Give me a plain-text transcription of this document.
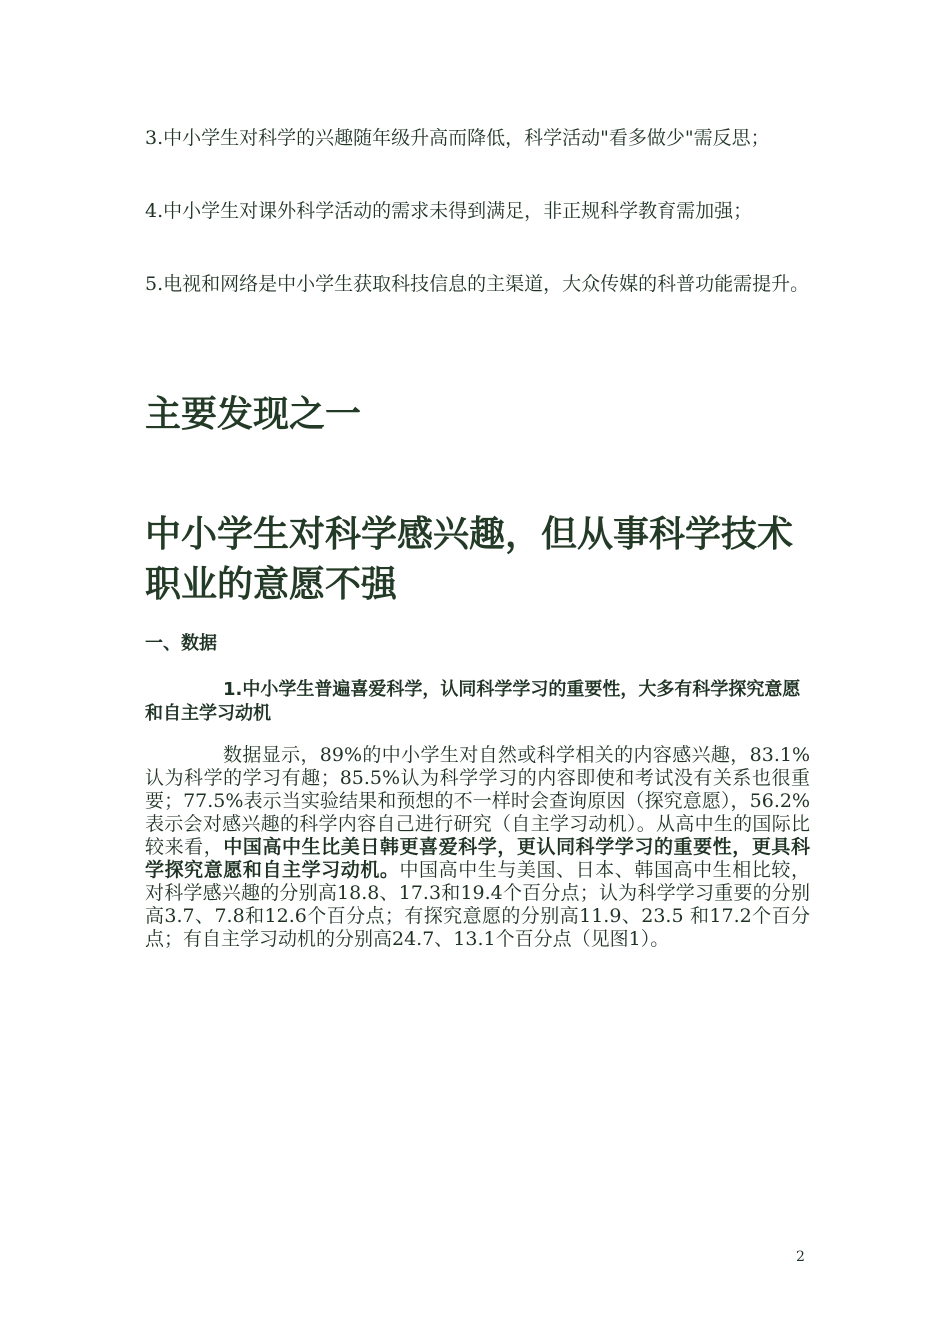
3.中小学生对科学的兴趣随年级升高而降低，科学活动"看多做少"需反思；

4.中小学生对课外科学活动的需求未得到满足，非正规科学教育需加强；

5.电视和网络是中小学生获取科技信息的主渠道，大众传媒的科普功能需提升。

主要发现之一
中小学生对科学感兴趣，但从事科学技术职业的意愿不强
一、数据
1.中小学生普遍喜爱科学，认同科学学习的重要性，大多有科学探究意愿和自主学习动机

数据显示，89%的中小学生对自然或科学相关的内容感兴趣，83.1%认为科学的学习有趣；85.5%认为科学学习的内容即使和考试没有关系也很重要；77.5%表示当实验结果和预想的不一样时会查询原因（探究意愿），56.2%表示会对感兴趣的科学内容自己进行研究（自主学习动机）。从高中生的国际比较来看，中国高中生比美日韩更喜爱科学，更认同科学学习的重要性，更具科学探究意愿和自主学习动机。中国高中生与美国、日本、韩国高中生相比较，对科学感兴趣的分别高18.8、17.3和19.4个百分点；认为科学学习重要的分别高3.7、7.8和12.6个百分点；有探究意愿的分别高11.9、23.5 和17.2个百分点；有自主学习动机的分别高24.7、13.1个百分点（见图1）。

2
